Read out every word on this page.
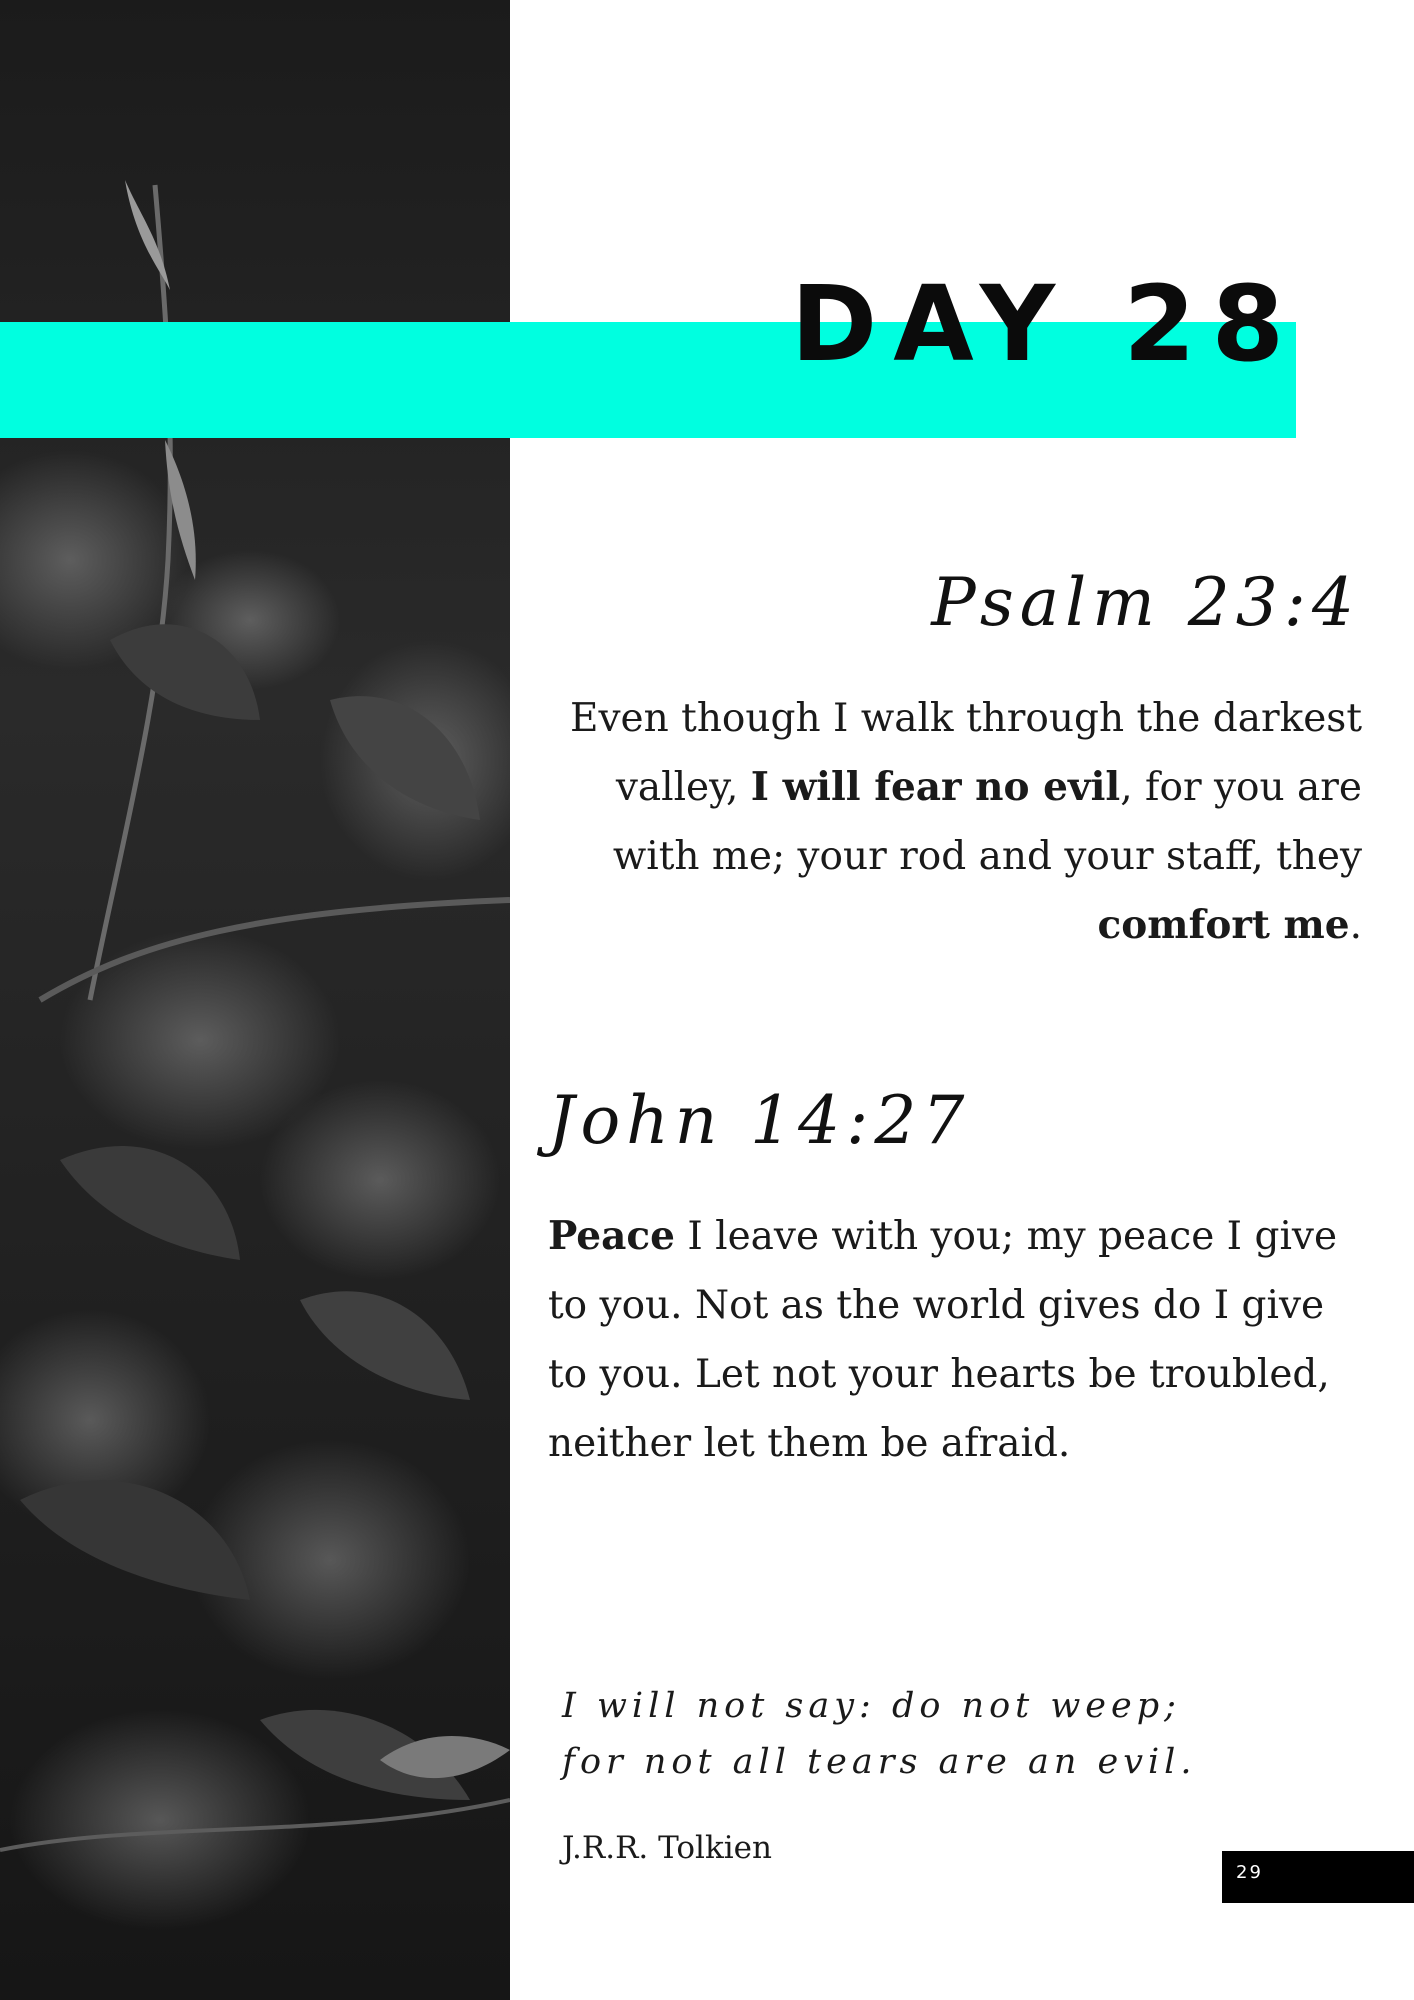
DAY 28
Psalm 23:4

Even though I walk through the darkest valley, I will fear no evil, for you are with me; your rod and your staff, they comfort me.

John 14:27

Peace I leave with you; my peace I give to you. Not as the world gives do I give to you. Let not your hearts be troubled, neither let them be afraid.

I will not say: do not weep;
for not all tears are an evil.

J.R.R. Tolkien

29
